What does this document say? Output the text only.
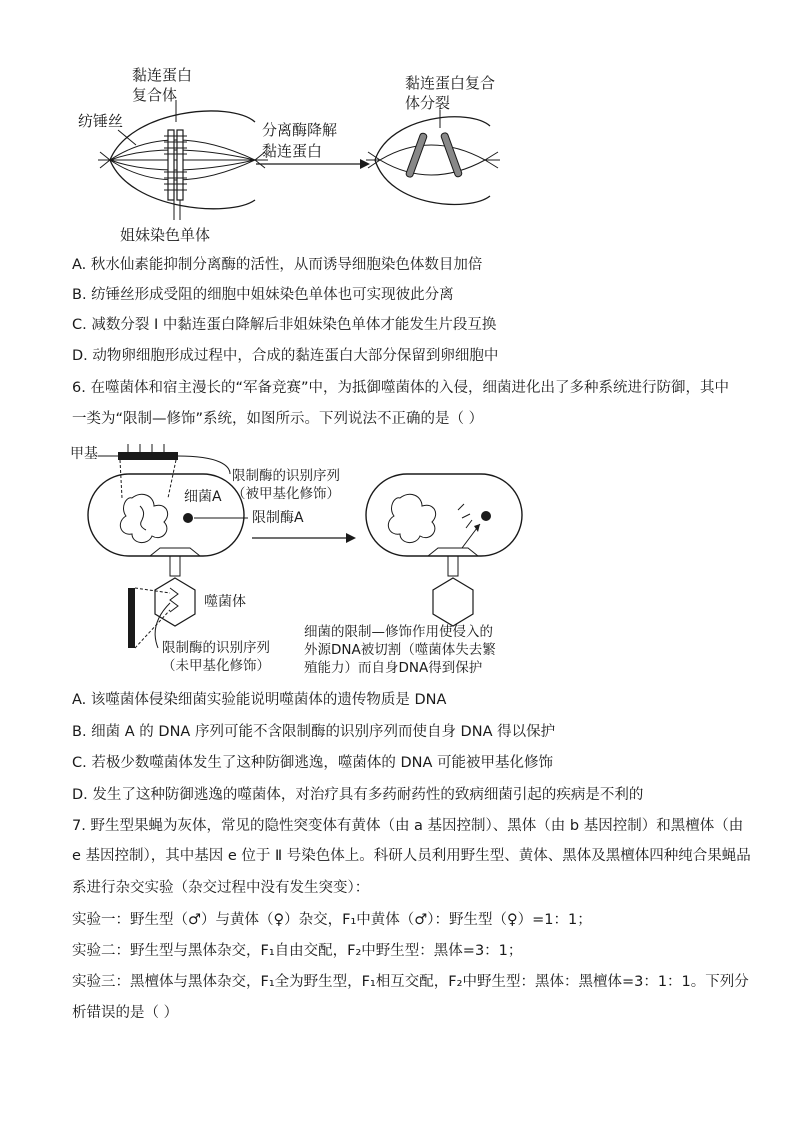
黏连蛋白
复合体
纺锤丝
姐妹染色单体
分离酶降解
黏连蛋白
黏连蛋白复合
体分裂
A. 秋水仙素能抑制分离酶的活性，从而诱导细胞染色体数目加倍
B. 纺锤丝形成受阻的细胞中姐妹染色单体也可实现彼此分离
C. 减数分裂 I 中黏连蛋白降解后非姐妹染色单体才能发生片段互换
D. 动物卵细胞形成过程中，合成的黏连蛋白大部分保留到卵细胞中
6. 在噬菌体和宿主漫长的“军备竞赛”中，为抵御噬菌体的入侵，细菌进化出了多种系统进行防御，其中
一类为“限制—修饰”系统，如图所示。下列说法不正确的是（ ）
甲基
限制酶的识别序列
（被甲基化修饰）
细菌A
限制酶A
噬菌体
限制酶的识别序列
（未甲基化修饰）
细菌的限制—修饰作用使侵入的
外源DNA被切割（噬菌体失去繁
殖能力）而自身DNA得到保护
A. 该噬菌体侵染细菌实验能说明噬菌体的遗传物质是 DNA
B. 细菌 A 的 DNA 序列可能不含限制酶的识别序列而使自身 DNA 得以保护
C. 若极少数噬菌体发生了这种防御逃逸，噬菌体的 DNA 可能被甲基化修饰
D. 发生了这种防御逃逸的噬菌体，对治疗具有多药耐药性的致病细菌引起的疾病是不利的
7. 野生型果蝇为灰体，常见的隐性突变体有黄体（由 a 基因控制）、黑体（由 b 基因控制）和黑檀体（由
e 基因控制），其中基因 e 位于 Ⅱ 号染色体上。科研人员利用野生型、黄体、黑体及黑檀体四种纯合果蝇品
系进行杂交实验（杂交过程中没有发生突变）：
实验一：野生型（♂）与黄体（♀）杂交，F₁中黄体（♂）：野生型（♀）=1：1；
实验二：野生型与黑体杂交，F₁自由交配，F₂中野生型：黑体=3：1；
实验三：黑檀体与黑体杂交，F₁全为野生型，F₁相互交配，F₂中野生型：黑体：黑檀体=3：1：1。下列分
析错误的是（ ）
